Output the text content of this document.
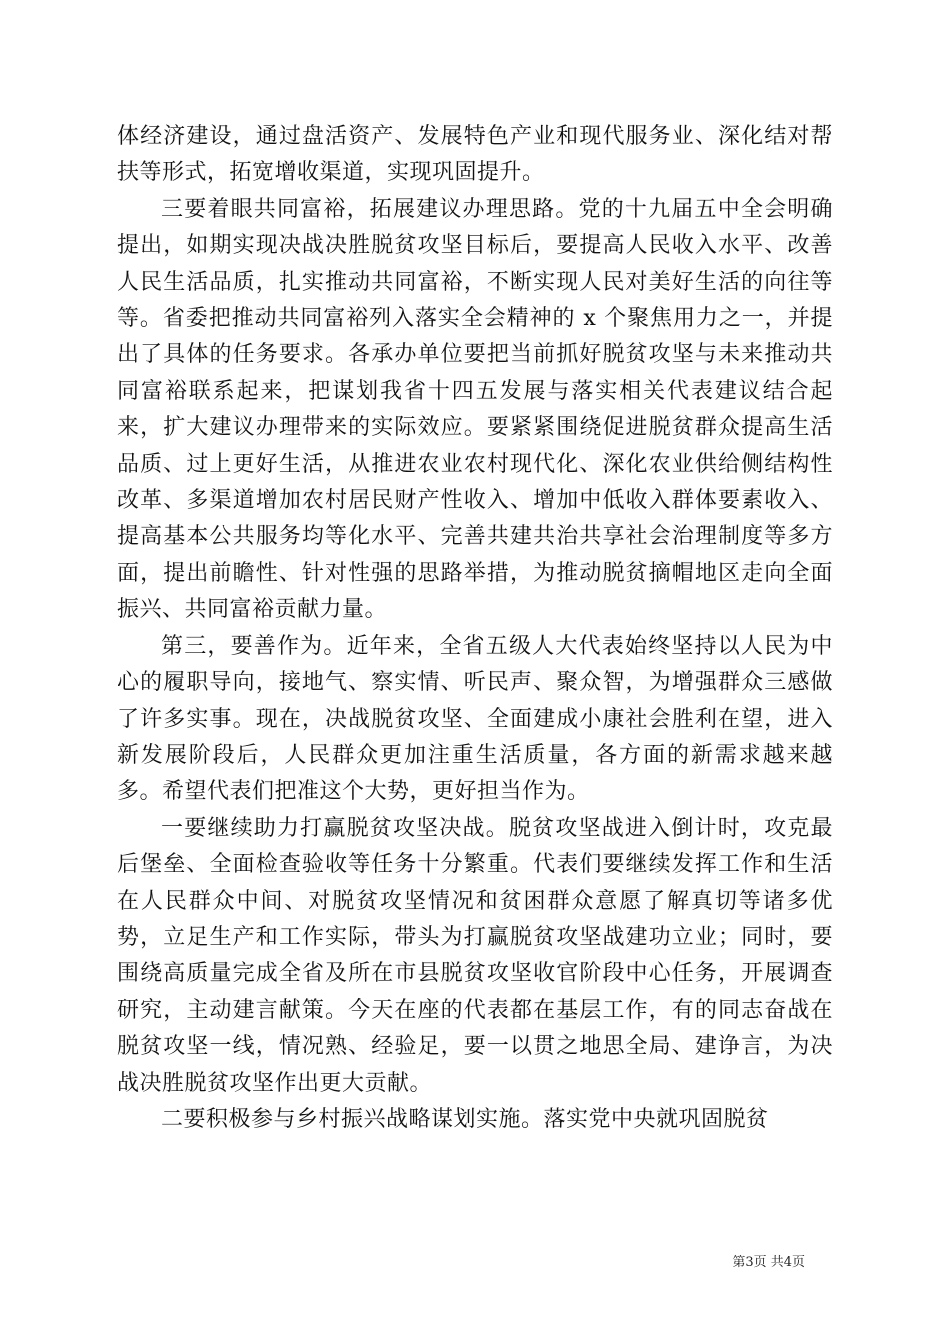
体经济建设，通过盘活资产、发展特色产业和现代服务业、深化结对帮扶等形式，拓宽增收渠道，实现巩固提升。

三要着眼共同富裕，拓展建议办理思路。党的十九届五中全会明确提出，如期实现决战决胜脱贫攻坚目标后，要提高人民收入水平、改善人民生活品质，扎实推动共同富裕，不断实现人民对美好生活的向往等等。省委把推动共同富裕列入落实全会精神的 x 个聚焦用力之一，并提出了具体的任务要求。各承办单位要把当前抓好脱贫攻坚与未来推动共同富裕联系起来，把谋划我省十四五发展与落实相关代表建议结合起来，扩大建议办理带来的实际效应。要紧紧围绕促进脱贫群众提高生活品质、过上更好生活，从推进农业农村现代化、深化农业供给侧结构性改革、多渠道增加农村居民财产性收入、增加中低收入群体要素收入、提高基本公共服务均等化水平、完善共建共治共享社会治理制度等多方面，提出前瞻性、针对性强的思路举措，为推动脱贫摘帽地区走向全面振兴、共同富裕贡献力量。

第三，要善作为。近年来，全省五级人大代表始终坚持以人民为中心的履职导向，接地气、察实情、听民声、聚众智，为增强群众三感做了许多实事。现在，决战脱贫攻坚、全面建成小康社会胜利在望，进入新发展阶段后，人民群众更加注重生活质量，各方面的新需求越来越多。希望代表们把准这个大势，更好担当作为。

一要继续助力打赢脱贫攻坚决战。脱贫攻坚战进入倒计时，攻克最后堡垒、全面检查验收等任务十分繁重。代表们要继续发挥工作和生活在人民群众中间、对脱贫攻坚情况和贫困群众意愿了解真切等诸多优势，立足生产和工作实际，带头为打赢脱贫攻坚战建功立业；同时，要围绕高质量完成全省及所在市县脱贫攻坚收官阶段中心任务，开展调查研究，主动建言献策。今天在座的代表都在基层工作，有的同志奋战在脱贫攻坚一线，情况熟、经验足，要一以贯之地思全局、建诤言，为决战决胜脱贫攻坚作出更大贡献。

二要积极参与乡村振兴战略谋划实施。落实党中央就巩固脱贫

第3页 共4页
